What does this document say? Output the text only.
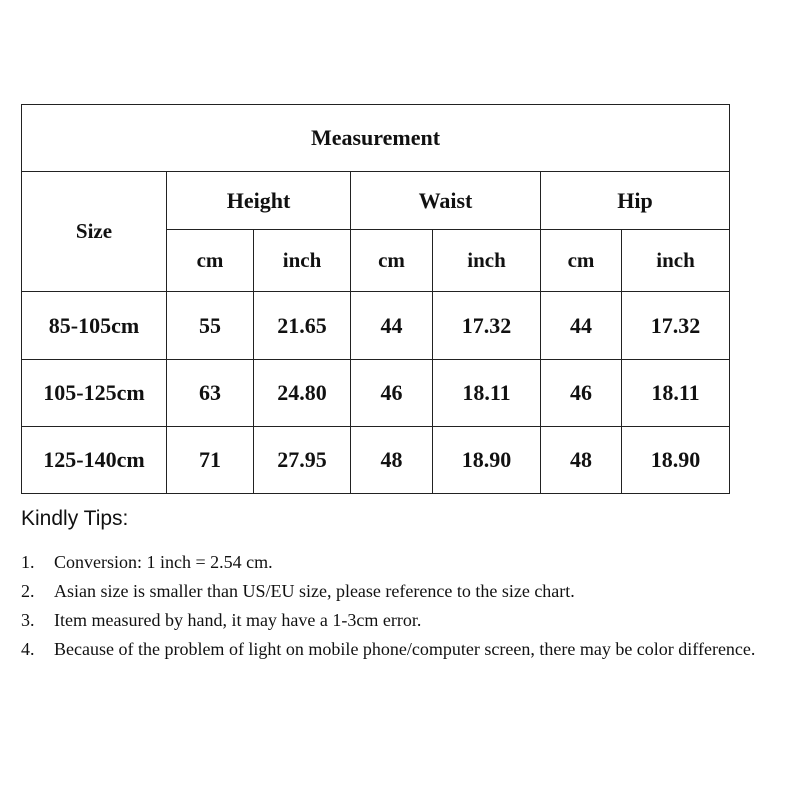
Measurement						
Size	Height		Waist		Hip	
	cm	inch	cm	inch	cm	inch
85-105cm	55	21.65	44	17.32	44	17.32
105-125cm	63	24.80	46	18.11	46	18.11
125-140cm	71	27.95	48	18.90	48	18.90

Kindly Tips:

1.	Conversion: 1 inch = 2.54 cm.
2.	Asian size is smaller than US/EU size, please reference to the size chart.
3.	Item measured by hand, it may have a 1-3cm error.
4.	Because of the problem of light on mobile phone/computer screen, there may be color difference.
